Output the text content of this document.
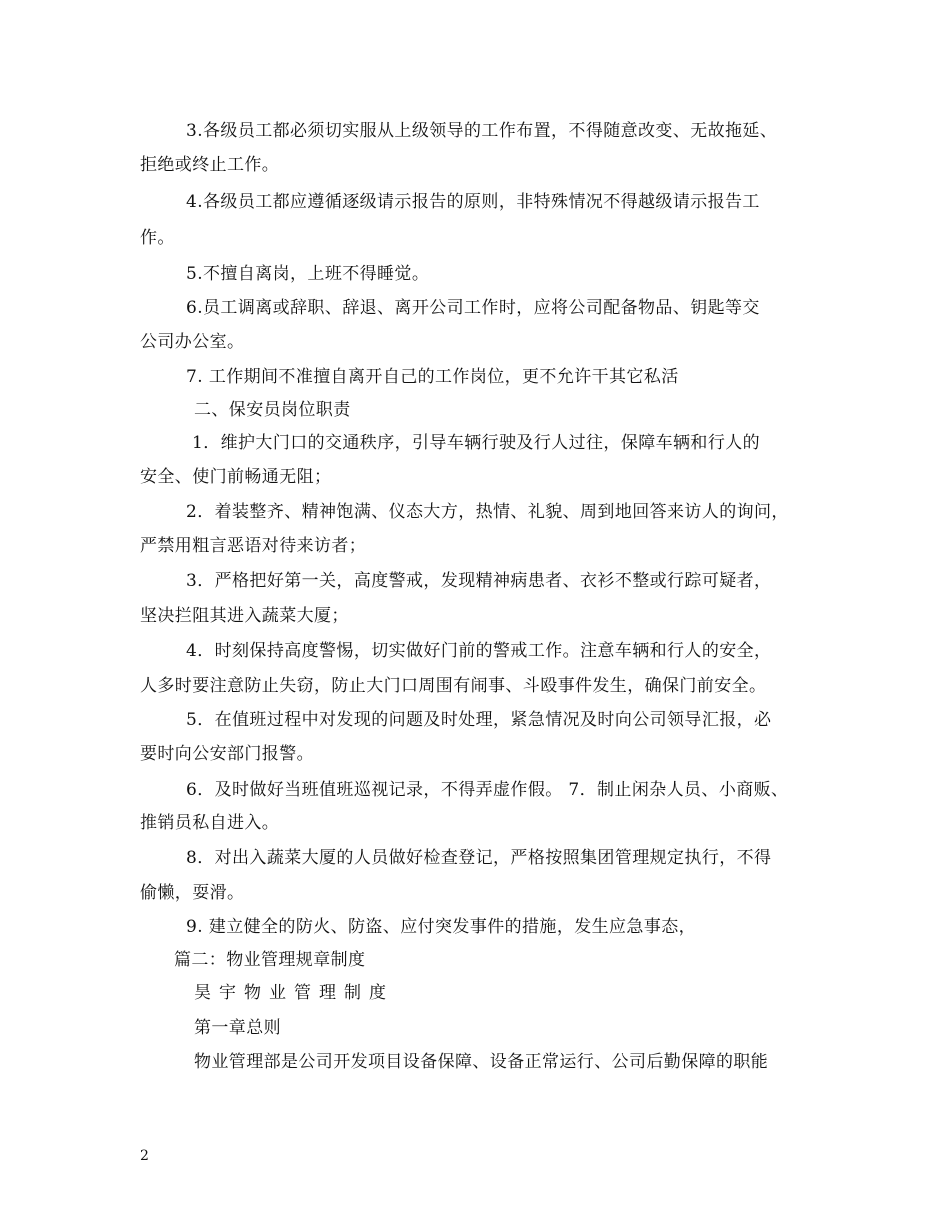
3.各级员工都必须切实服从上级领导的工作布置，不得随意改变、无故拖延、
拒绝或终止工作。
4.各级员工都应遵循逐级请示报告的原则，非特殊情况不得越级请示报告工
作。
5.不擅自离岗，上班不得睡觉。
6.员工调离或辞职、辞退、离开公司工作时，应将公司配备物品、钥匙等交
公司办公室。
7. 工作期间不准擅自离开自己的工作岗位，更不允许干其它私活
二、保安员岗位职责
1．维护大门口的交通秩序，引导车辆行驶及行人过往，保障车辆和行人的
安全、使门前畅通无阻；
2．着装整齐、精神饱满、仪态大方，热情、礼貌、周到地回答来访人的询问，
严禁用粗言恶语对待来访者；
3．严格把好第一关，高度警戒，发现精神病患者、衣衫不整或行踪可疑者，
坚决拦阻其进入蔬菜大厦；
4．时刻保持高度警惕，切实做好门前的警戒工作。注意车辆和行人的安全，
人多时要注意防止失窃，防止大门口周围有闹事、斗殴事件发生，确保门前安全。
5．在值班过程中对发现的问题及时处理，紧急情况及时向公司领导汇报，必
要时向公安部门报警。
6．及时做好当班值班巡视记录，不得弄虚作假。 7．制止闲杂人员、小商贩、
推销员私自进入。
8．对出入蔬菜大厦的人员做好检查登记，严格按照集团管理规定执行，不得
偷懒，耍滑。
9. 建立健全的防火、防盗、应付突发事件的措施，发生应急事态，
篇二：物业管理规章制度
昊宇物业管理制度
第一章总则
物业管理部是公司开发项目设备保障、设备正常运行、公司后勤保障的职能
2
